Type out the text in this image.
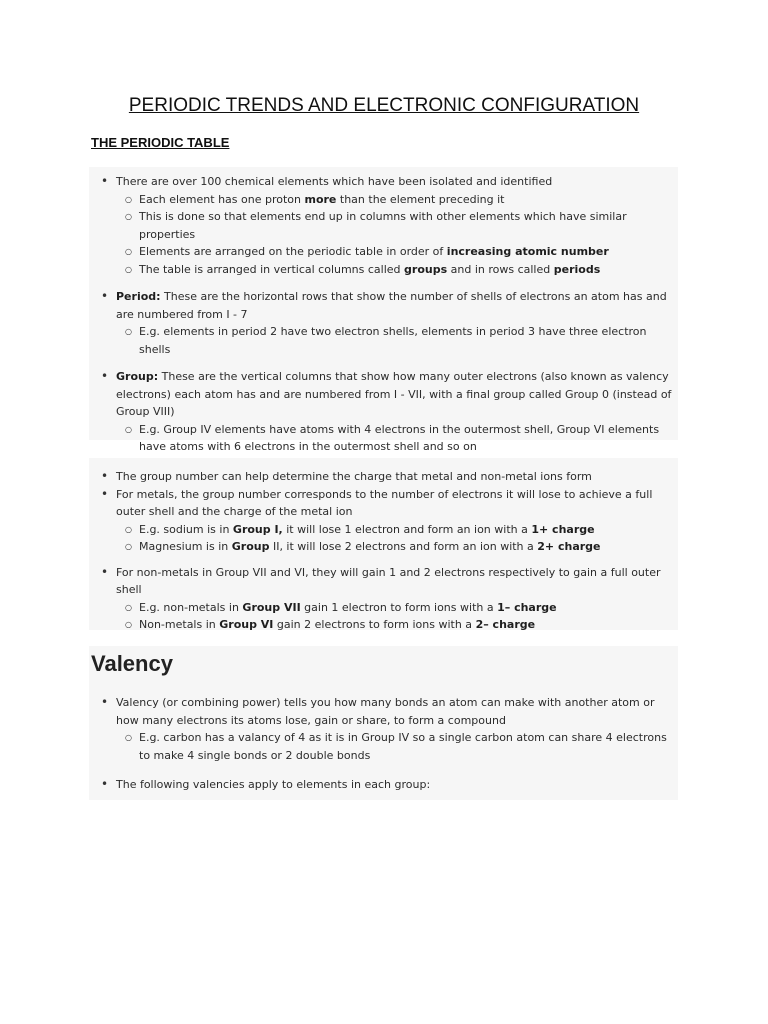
PERIODIC TRENDS AND ELECTRONIC CONFIGURATION
THE PERIODIC TABLE
• There are over 100 chemical elements which have been isolated and identified
○ Each element has one proton more than the element preceding it
○ This is done so that elements end up in columns with other elements which have similar properties
○ Elements are arranged on the periodic table in order of increasing atomic number
○ The table is arranged in vertical columns called groups and in rows called periods
• Period: These are the horizontal rows that show the number of shells of electrons an atom has and are numbered from I - 7
○ E.g. elements in period 2 have two electron shells, elements in period 3 have three electron shells
• Group: These are the vertical columns that show how many outer electrons (also known as valency electrons) each atom has and are numbered from I - VII, with a final group called Group 0 (instead of Group VIII)
○ E.g. Group IV elements have atoms with 4 electrons in the outermost shell, Group VI elements have atoms with 6 electrons in the outermost shell and so on
• The group number can help determine the charge that metal and non-metal ions form
• For metals, the group number corresponds to the number of electrons it will lose to achieve a full outer shell and the charge of the metal ion
○ E.g. sodium is in Group I, it will lose 1 electron and form an ion with a 1+ charge
○ Magnesium is in Group II, it will lose 2 electrons and form an ion with a 2+ charge
• For non-metals in Group VII and VI, they will gain 1 and 2 electrons respectively to gain a full outer shell
○ E.g. non-metals in Group VII gain 1 electron to form ions with a 1– charge
○ Non-metals in Group VI gain 2 electrons to form ions with a 2– charge
Valency
• Valency (or combining power) tells you how many bonds an atom can make with another atom or how many electrons its atoms lose, gain or share, to form a compound
○ E.g. carbon has a valancy of 4 as it is in Group IV so a single carbon atom can share 4 electrons to make 4 single bonds or 2 double bonds
• The following valencies apply to elements in each group:
